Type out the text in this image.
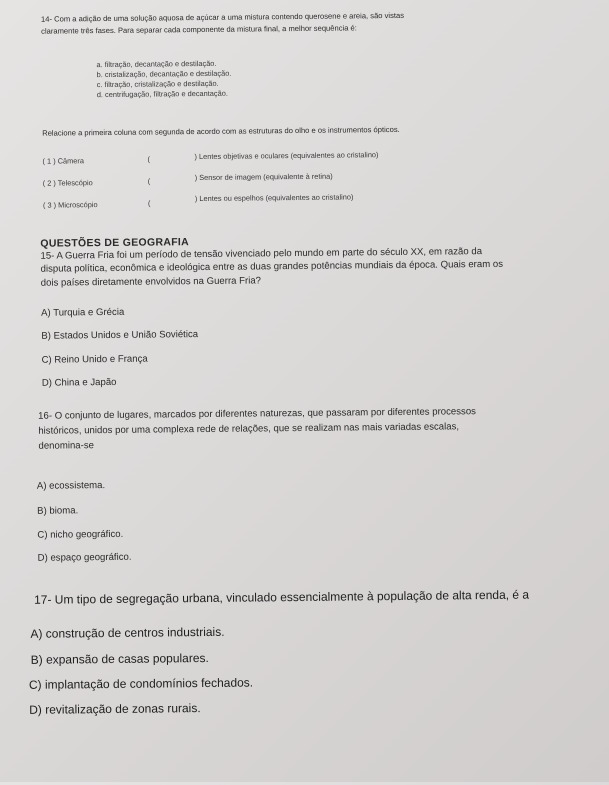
14- Com a adição de uma solução aquosa de açúcar a uma mistura contendo querosene e areia, são vistas
claramente três fases. Para separar cada componente da mistura final, a melhor sequência é:
a. filtração, decantação e destilação.
b. cristalização, decantação e destilação.
c. filtração, cristalização e destilação.
d. centrifugação, filtração e decantação.
Relacione a primeira coluna com segunda de acordo com as estruturas do olho e os instrumentos ópticos.
( 1 ) Câmera	(	) Lentes objetivas e oculares (equivalentes ao cristalino)
( 2 ) Telescópio	(	) Sensor de imagem (equivalente à retina)
( 3 ) Microscópio	(	) Lentes ou espelhos (equivalentes ao cristalino)
QUESTÕES DE GEOGRAFIA
15- A Guerra Fria foi um período de tensão vivenciado pelo mundo em parte do século XX, em razão da
disputa política, econômica e ideológica entre as duas grandes potências mundiais da época. Quais eram os
dois países diretamente envolvidos na Guerra Fria?
A) Turquia e Grécia
B) Estados Unidos e União Soviética
C) Reino Unido e França
D) China e Japão
16- O conjunto de lugares, marcados por diferentes naturezas, que passaram por diferentes processos
históricos, unidos por uma complexa rede de relações, que se realizam nas mais variadas escalas,
denomina-se
A) ecossistema.
B) bioma.
C) nicho geográfico.
D) espaço geográfico.
17- Um tipo de segregação urbana, vinculado essencialmente à população de alta renda, é a
A) construção de centros industriais.
B) expansão de casas populares.
C) implantação de condomínios fechados.
D) revitalização de zonas rurais.
